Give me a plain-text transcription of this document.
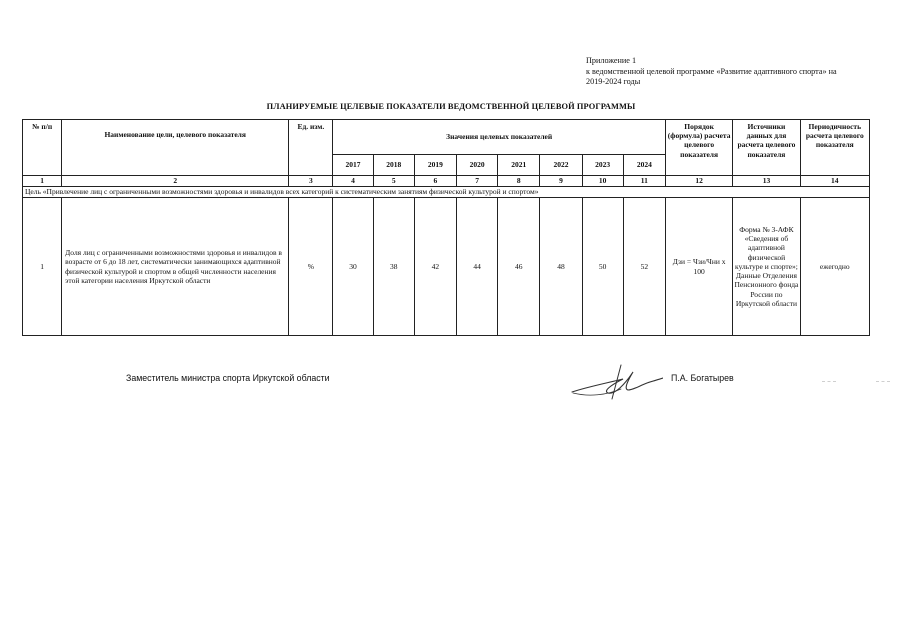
Приложение 1
к ведомственной целевой программе «Развитие адаптивного спорта» на
2019-2024 годы
ПЛАНИРУЕМЫЕ ЦЕЛЕВЫЕ ПОКАЗАТЕЛИ ВЕДОМСТВЕННОЙ ЦЕЛЕВОЙ ПРОГРАММЫ
№ п/п	Наименование цели, целевого показателя	Ед. изм.	Значения целевых показателей								Порядок (формула) расчета целевого показателя	Источники данных для расчета целевого показателя	Периодичность расчета целевого показателя
			2017	2018	2019	2020	2021	2022	2023	2024			
1	2	3	4	5	6	7	8	9	10	11	12	13	14
Цель «Привлечение лиц с ограниченными возможностями здоровья и инвалидов всех категорий к систематическим занятиям физической культурой и спортом»													
1	Доля лиц с ограниченными возможностями здоровья и инвалидов в возрасте от 6 до 18 лет, систематически занимающихся адаптивной физической культурой и спортом в общей численности населения этой категории населения Иркутской области	%	30	38	42	44	46	48	50	52	Дзи = Чзи/Чни х 100	Форма № 3-АФК «Сведения об адаптивной физической культуре и спорте»; Данные Отделения Пенсионного фонда России по Иркутской области	ежегодно
Заместитель министра спорта Иркутской области	П.А. Богатырев
